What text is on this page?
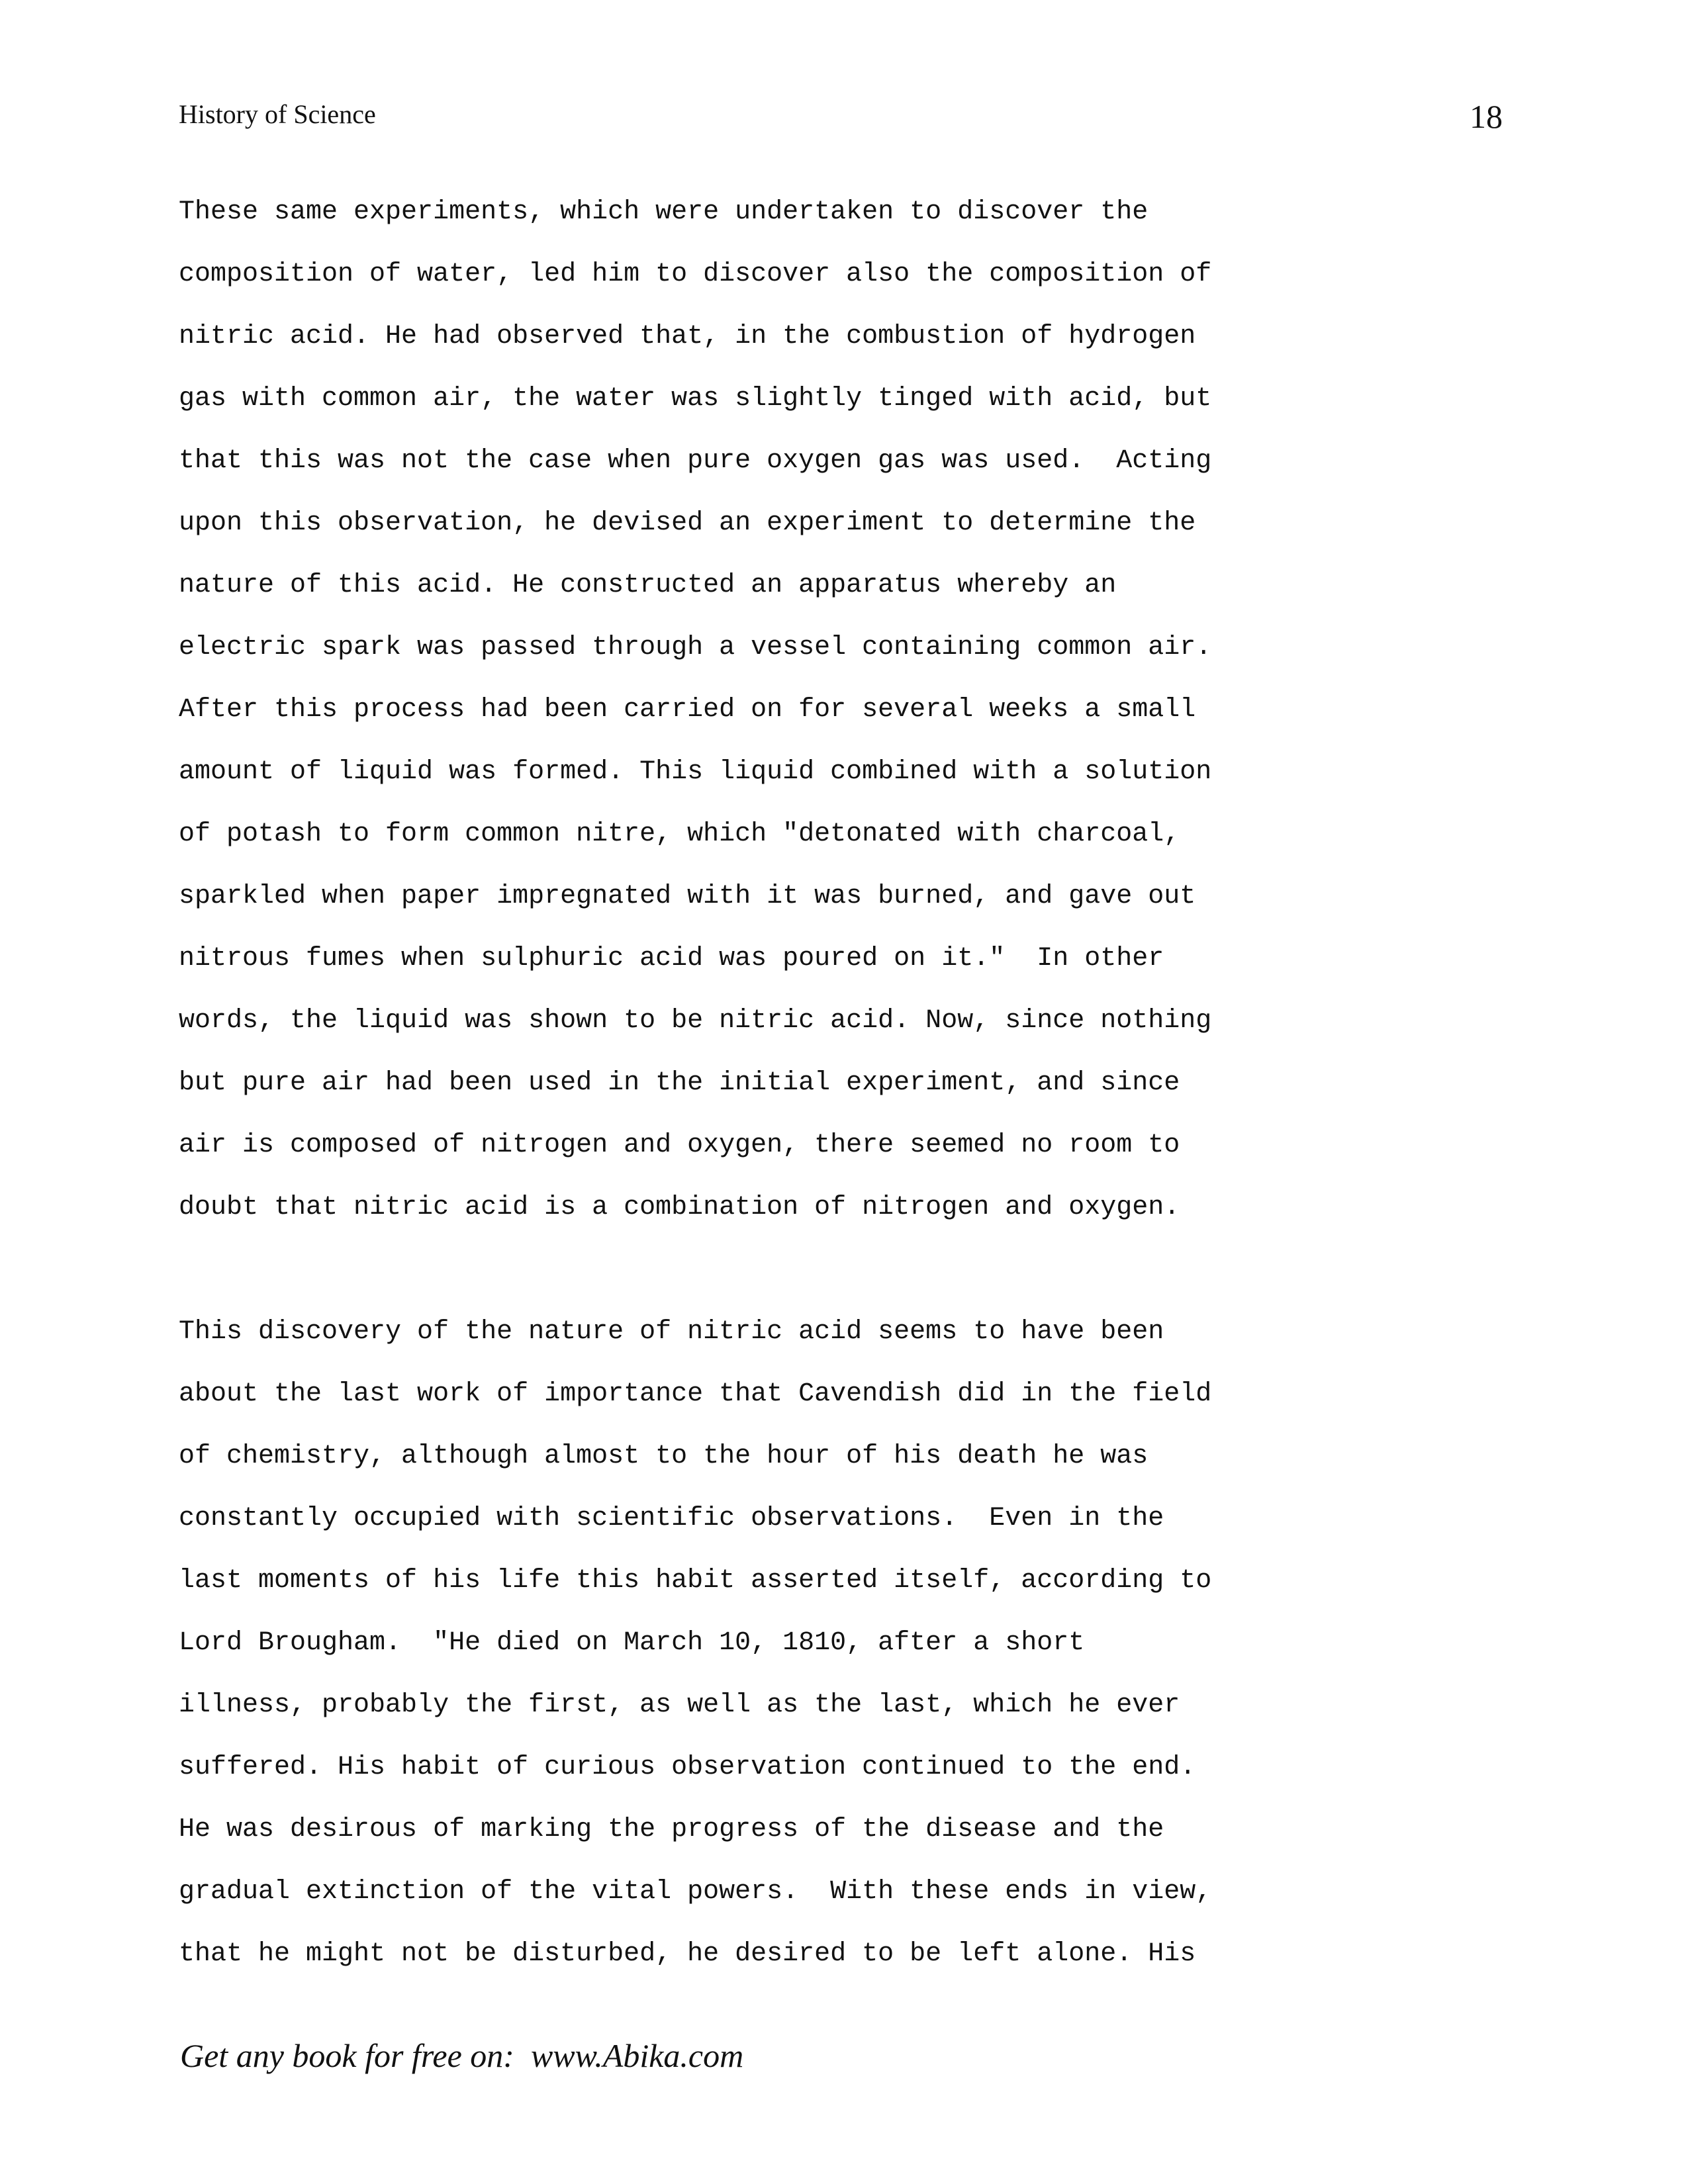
History of Science	18
These same experiments, which were undertaken to discover the
composition of water, led him to discover also the composition of
nitric acid. He had observed that, in the combustion of hydrogen
gas with common air, the water was slightly tinged with acid, but
that this was not the case when pure oxygen gas was used.  Acting
upon this observation, he devised an experiment to determine the
nature of this acid. He constructed an apparatus whereby an
electric spark was passed through a vessel containing common air.
After this process had been carried on for several weeks a small
amount of liquid was formed. This liquid combined with a solution
of potash to form common nitre, which "detonated with charcoal,
sparkled when paper impregnated with it was burned, and gave out
nitrous fumes when sulphuric acid was poured on it."  In other
words, the liquid was shown to be nitric acid. Now, since nothing
but pure air had been used in the initial experiment, and since
air is composed of nitrogen and oxygen, there seemed no room to
doubt that nitric acid is a combination of nitrogen and oxygen.
This discovery of the nature of nitric acid seems to have been
about the last work of importance that Cavendish did in the field
of chemistry, although almost to the hour of his death he was
constantly occupied with scientific observations.  Even in the
last moments of his life this habit asserted itself, according to
Lord Brougham.  "He died on March 10, 1810, after a short
illness, probably the first, as well as the last, which he ever
suffered. His habit of curious observation continued to the end.
He was desirous of marking the progress of the disease and the
gradual extinction of the vital powers.  With these ends in view,
that he might not be disturbed, he desired to be left alone. His
Get any book for free on:  www.Abika.com
